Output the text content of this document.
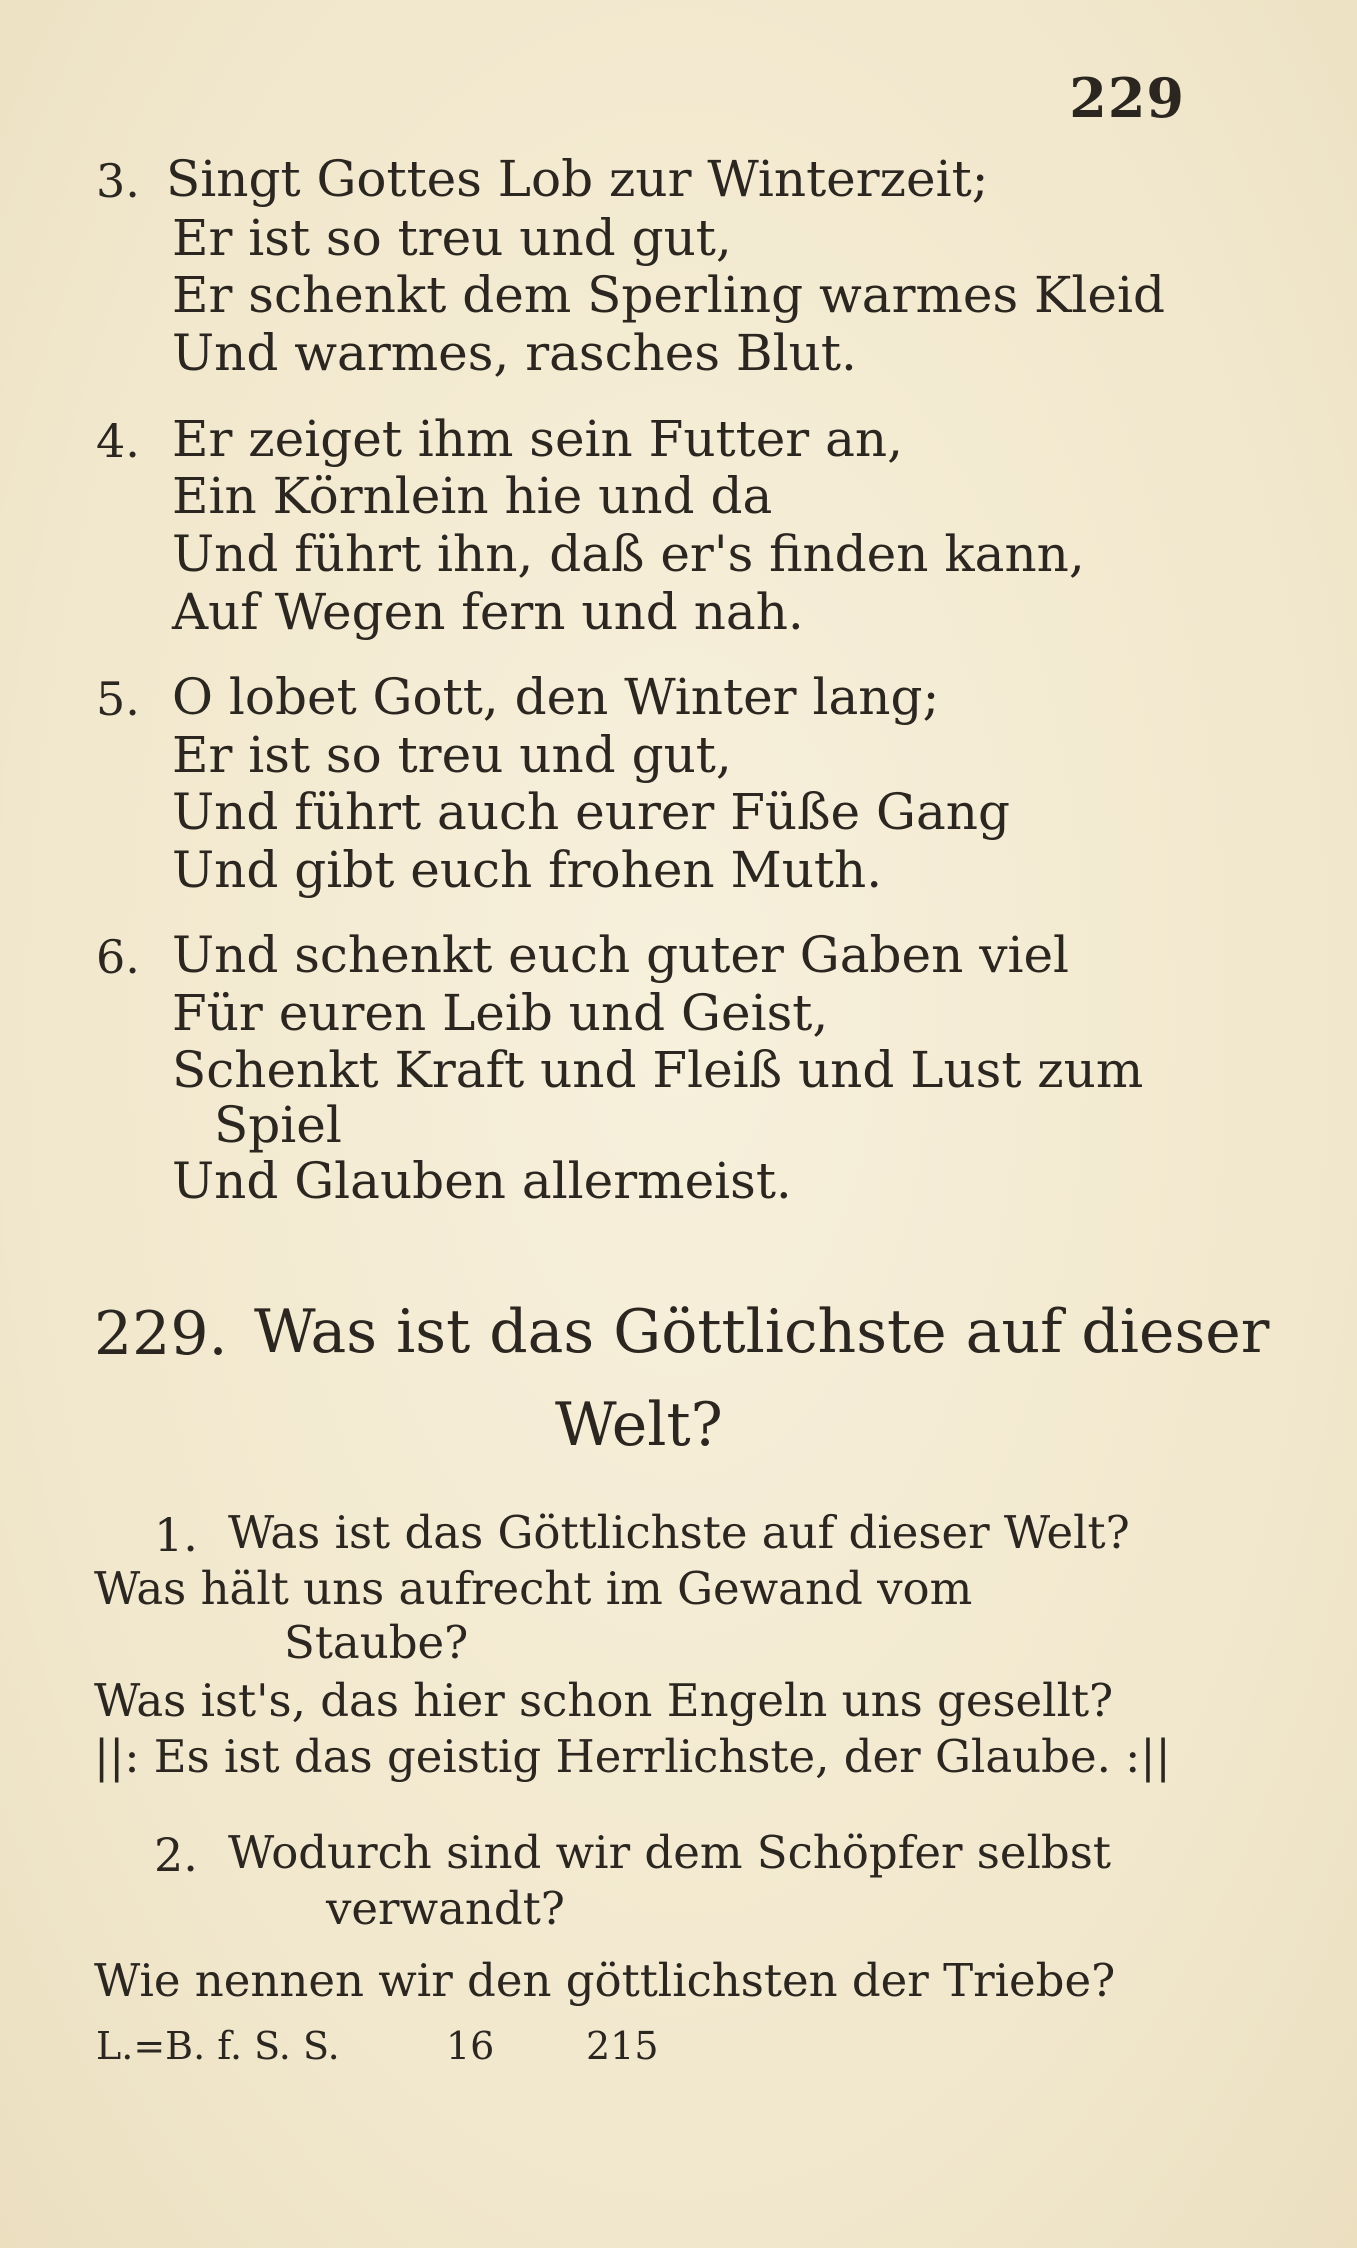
229
3. Singt Gottes Lob zur Winterzeit;
Er ist so treu und gut,
Er schenkt dem Sperling warmes Kleid
Und warmes, rasches Blut.
4. Er zeiget ihm sein Futter an,
Ein Körnlein hie und da
Und führt ihn, daß er's finden kann,
Auf Wegen fern und nah.
5. O lobet Gott, den Winter lang;
Er ist so treu und gut,
Und führt auch eurer Füße Gang
Und gibt euch frohen Muth.
6. Und schenkt euch guter Gaben viel
Für euren Leib und Geist,
Schenkt Kraft und Fleiß und Lust zum
Spiel
Und Glauben allermeist.
229. Was ist das Göttlichste auf dieser
Welt?
1. Was ist das Göttlichste auf dieser Welt?
Was hält uns aufrecht im Gewand vom
Staube?
Was ist's, das hier schon Engeln uns gesellt?
||: Es ist das geistig Herrlichste, der Glaube. :||
2. Wodurch sind wir dem Schöpfer selbst
verwandt?
Wie nennen wir den göttlichsten der Triebe?
L.=B. f. S. S.	16 215
